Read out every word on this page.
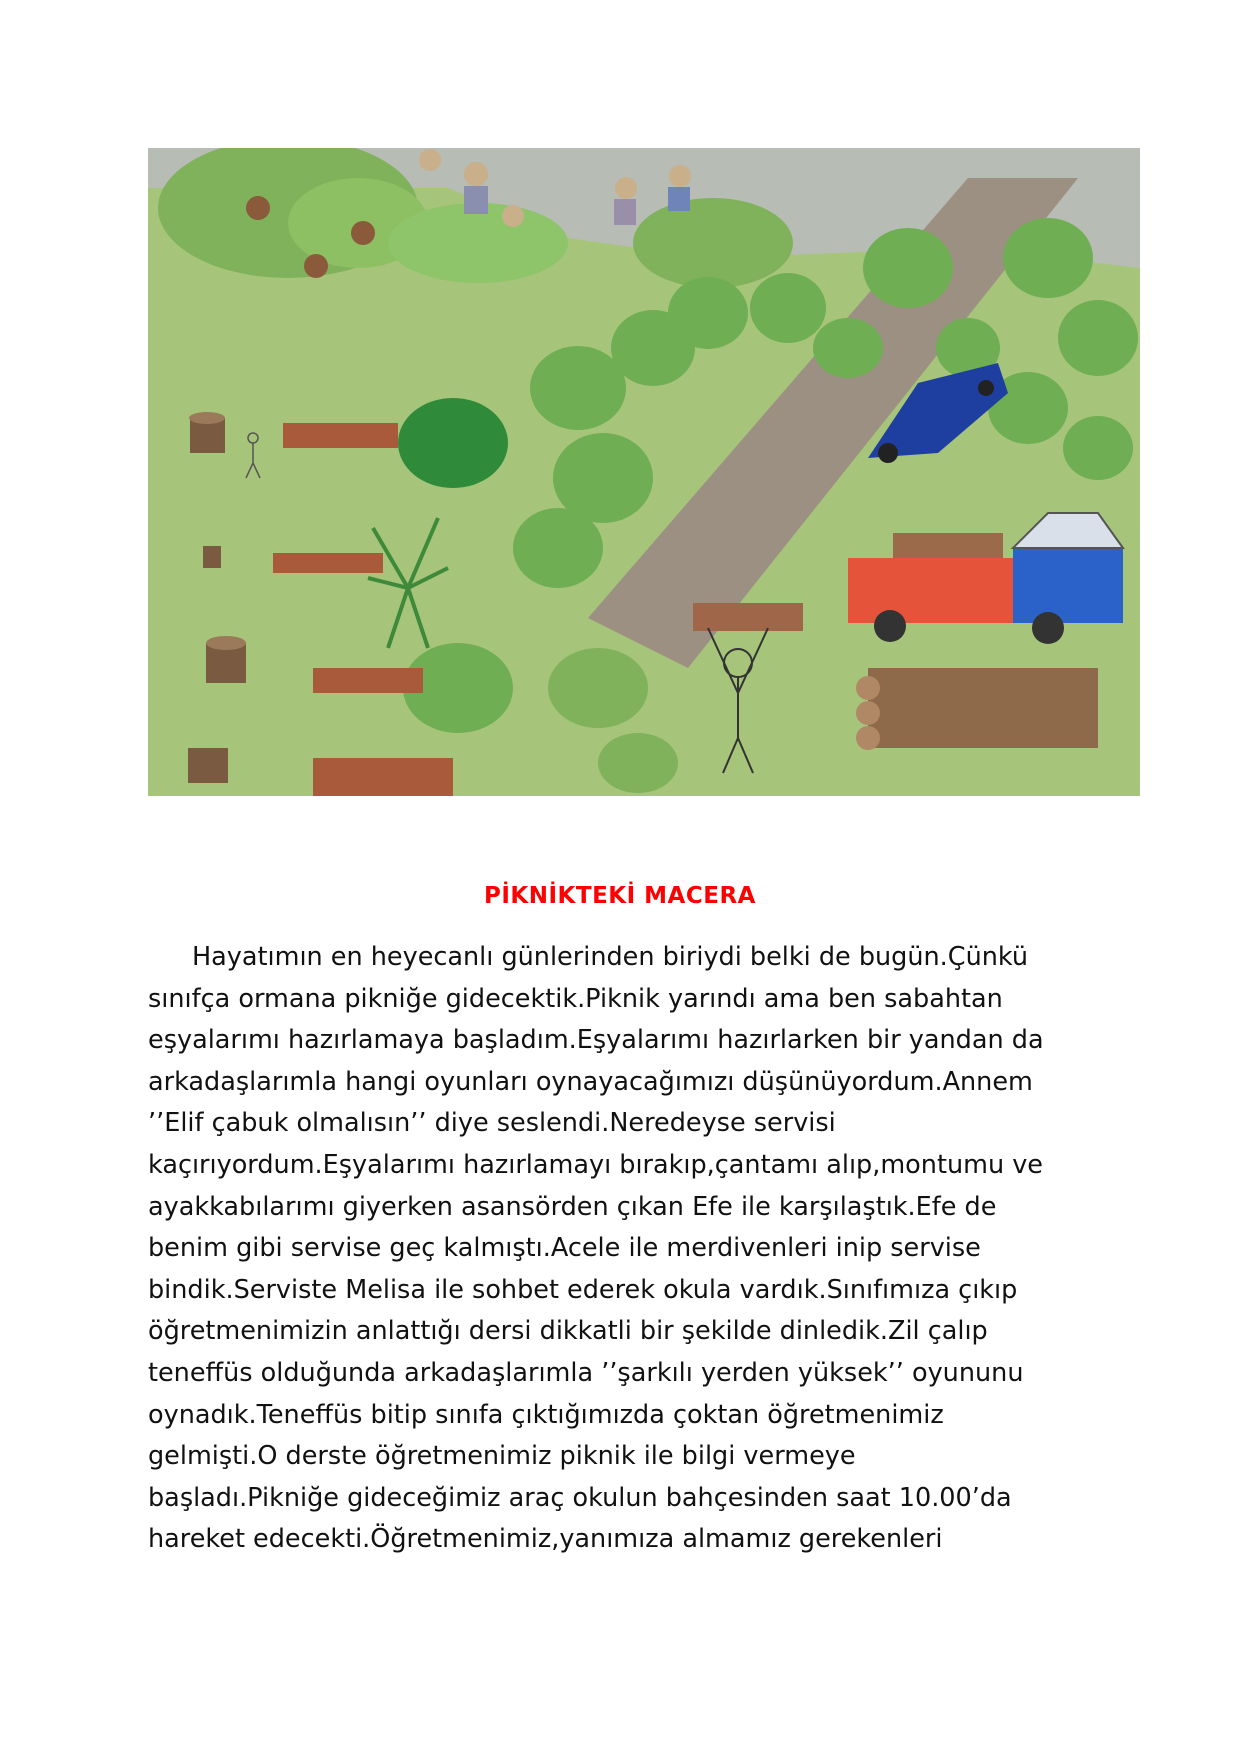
PİKNİKTEKİ MACERA
Hayatımın en heyecanlı günlerinden biriydi belki de bugün.Çünkü
sınıfça ormana pikniğe gidecektik.Piknik yarındı ama ben sabahtan
eşyalarımı hazırlamaya başladım.Eşyalarımı hazırlarken bir yandan da
arkadaşlarımla hangi oyunları oynayacağımızı düşünüyordum.Annem
’’Elif çabuk olmalısın’’ diye seslendi.Neredeyse servisi
kaçırıyordum.Eşyalarımı hazırlamayı bırakıp,çantamı alıp,montumu ve
ayakkabılarımı giyerken asansörden çıkan Efe ile karşılaştık.Efe de
benim gibi servise geç kalmıştı.Acele ile merdivenleri inip servise
bindik.Serviste Melisa ile sohbet ederek okula vardık.Sınıfımıza çıkıp
öğretmenimizin anlattığı dersi dikkatli bir şekilde dinledik.Zil çalıp
teneffüs olduğunda arkadaşlarımla ’’şarkılı yerden yüksek’’ oyununu
oynadık.Teneffüs bitip sınıfa çıktığımızda çoktan öğretmenimiz
gelmişti.O derste öğretmenimiz piknik ile bilgi vermeye
başladı.Pikniğe gideceğimiz araç okulun bahçesinden saat 10.00’da
hareket edecekti.Öğretmenimiz,yanımıza almamız gerekenleri
